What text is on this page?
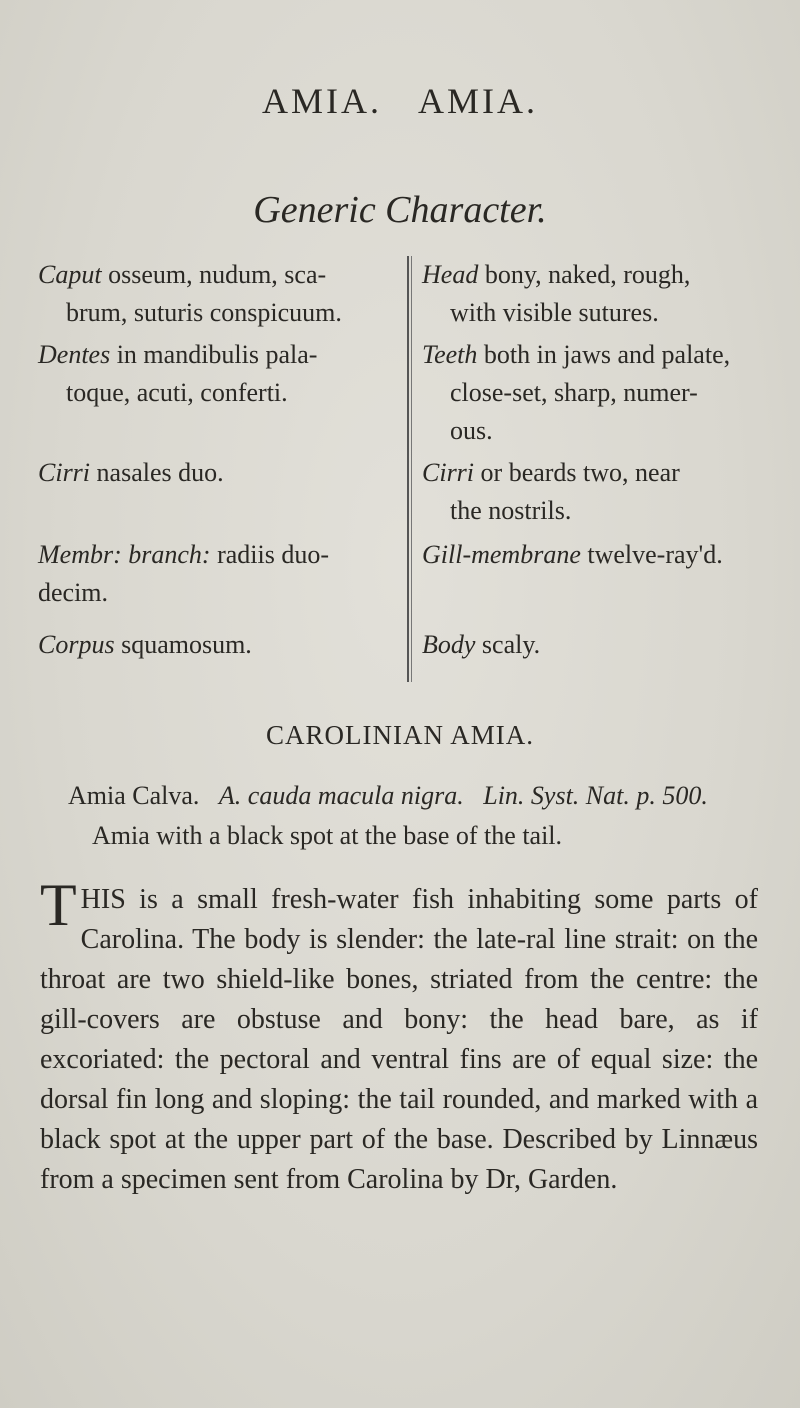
AMIA. AMIA.
Generic Character.
Caput osseum, nudum, sca-
brum, suturis conspicuum.
Head bony, naked, rough,
with visible sutures.
Dentes in mandibulis pala-
toque, acuti, conferti.
Teeth both in jaws and palate,
close-set, sharp, numer-
ous.
Cirri nasales duo.	Cirri or beards two, near
the nostrils.
Membr: branch: radiis duo-
decim.
Gill-membrane twelve-ray'd.
Corpus squamosum.	Body scaly.
CAROLINIAN AMIA.
Amia Calva. A. cauda macula nigra. Lin. Syst. Nat. p. 500.
Amia with a black spot at the base of the tail.
THIS is a small fresh-water fish inhabiting some parts of Carolina. The body is slender: the late-ral line strait: on the throat are two shield-like bones, striated from the centre: the gill-covers are obstuse and bony: the head bare, as if excoriated: the pectoral and ventral fins are of equal size: the dorsal fin long and sloping: the tail rounded, and marked with a black spot at the upper part of the base. Described by Linnæus from a specimen sent from Carolina by Dr, Garden.
